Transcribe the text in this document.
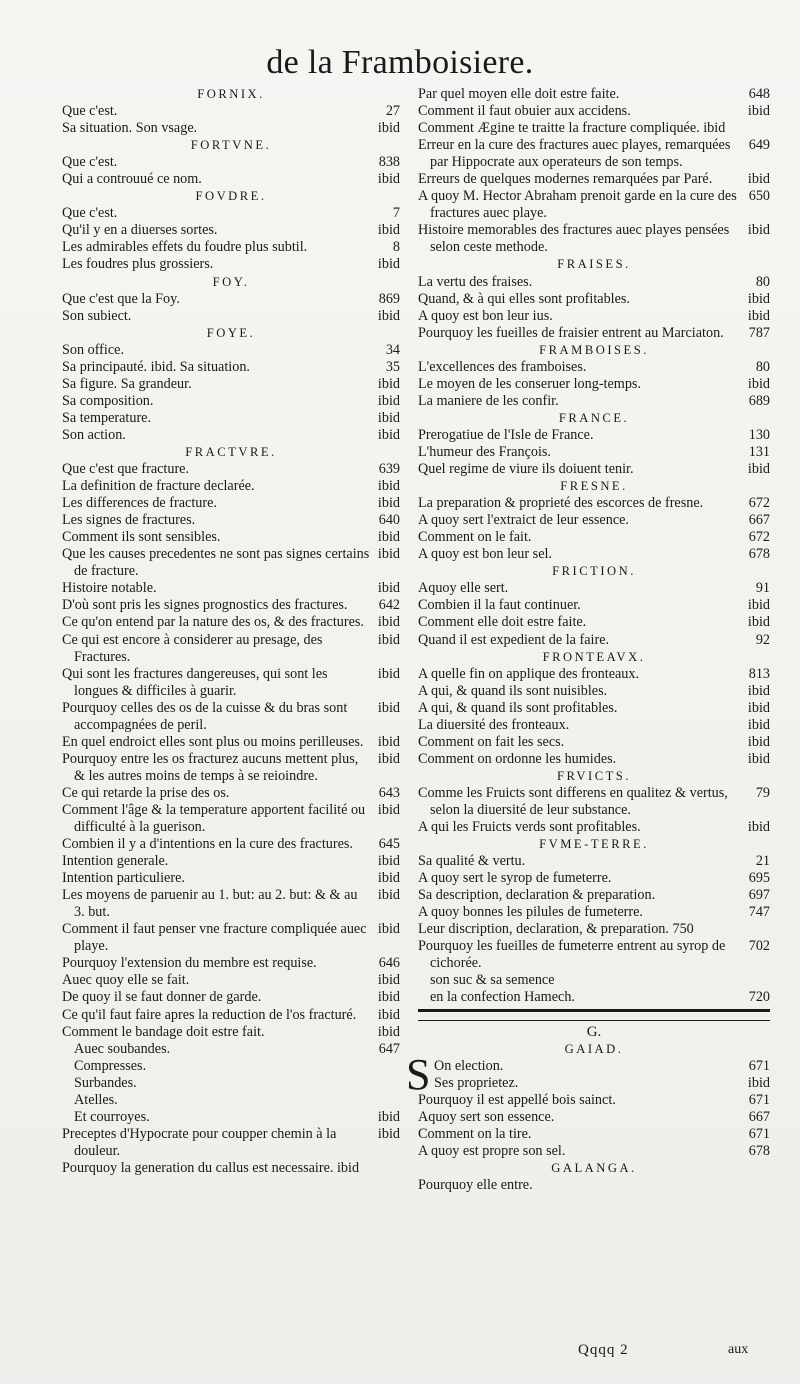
de la Framboisiere.
FORNIX.
27
Que c'est.
ibid
Sa situation. Son vsage.
FORTVNE.
838
Que c'est.
ibid
Qui a controuué ce nom.
FOVDRE.
7
Que c'est.
ibid
Qu'il y en a diuerses sortes.
8
Les admirables effets du foudre plus subtil.
ibid
Les foudres plus grossiers.
FOY.
869
Que c'est que la Foy.
ibid
Son subiect.
FOYE.
34
Son office.
35
Sa principauté. ibid. Sa situation.
ibid
Sa figure. Sa grandeur.
ibid
Sa composition.
ibid
Sa temperature.
ibid
Son action.
FRACTVRE.
639
Que c'est que fracture.
ibid
La definition de fracture declarée.
ibid
Les differences de fracture.
640
Les signes de fractures.
ibid
Comment ils sont sensibles.
ibid
Que les causes precedentes ne sont pas signes certains de fracture.
ibid
Histoire notable.
642
D'où sont pris les signes prognostics des fractures.
ibid
Ce qu'on entend par la nature des os, & des fractures.
ibid
Ce qui est encore à considerer au presage, des Fractures.
ibid
Qui sont les fractures dangereuses, qui sont les longues & difficiles à guarir.
ibid
Pourquoy celles des os de la cuisse & du bras sont accompagnées de peril.
ibid
En quel endroict elles sont plus ou moins perilleuses.
ibid
Pourquoy entre les os fracturez aucuns mettent plus, & les autres moins de temps à se reioindre.
643
Ce qui retarde la prise des os.
ibid
Comment l'âge & la temperature apportent facilité ou difficulté à la guerison.
645
Combien il y a d'intentions en la cure des fractures.
ibid
Intention generale.
ibid
Intention particuliere.
ibid
Les moyens de paruenir au 1. but: au 2. but: & & au 3. but.
ibid
Comment il faut penser vne fracture compliquée auec playe.
646
Pourquoy l'extension du membre est requise.
ibid
Auec quoy elle se fait.
ibid
De quoy il se faut donner de garde.
ibid
Ce qu'il faut faire apres la reduction de l'os fracturé.
ibid
Comment le bandage doit estre fait.
647
Auec soubandes.
Compresses.
Surbandes.
Atelles.
ibid
Et courroyes.
ibid
Preceptes d'Hypocrate pour coupper chemin à la douleur.
Pourquoy la generation du callus est necessaire. ibid
648
Par quel moyen elle doit estre faite.
ibid
Comment il faut obuier aux accidens.
Comment Ægine te traitte la fracture compliquée. ibid
649
Erreur en la cure des fractures auec playes, remarquées par Hippocrate aux operateurs de son temps.
ibid
Erreurs de quelques modernes remarquées par Paré.
650
A quoy M. Hector Abraham prenoit garde en la cure des fractures auec playe.
ibid
Histoire memorables des fractures auec playes pensées selon ceste methode.
FRAISES.
80
La vertu des fraises.
ibid
Quand, & à qui elles sont profitables.
ibid
A quoy est bon leur ius.
787
Pourquoy les fueilles de fraisier entrent au Marciaton.
FRAMBOISES.
80
L'excellences des framboises.
ibid
Le moyen de les conseruer long-temps.
689
La maniere de les confir.
FRANCE.
130
Prerogatiue de l'Isle de France.
131
L'humeur des François.
ibid
Quel regime de viure ils doiuent tenir.
FRESNE.
672
La preparation & proprieté des escorces de fresne.
667
A quoy sert l'extraict de leur essence.
672
Comment on le fait.
678
A quoy est bon leur sel.
FRICTION.
91
Aquoy elle sert.
ibid
Combien il la faut continuer.
ibid
Comment elle doit estre faite.
92
Quand il est expedient de la faire.
FRONTEAVX.
813
A quelle fin on applique des fronteaux.
ibid
A qui, & quand ils sont nuisibles.
ibid
A qui, & quand ils sont profitables.
ibid
La diuersité des fronteaux.
ibid
Comment on fait les secs.
ibid
Comment on ordonne les humides.
FRVICTS.
79
Comme les Fruicts sont differens en qualitez & vertus, selon la diuersité de leur substance.
ibid
A qui les Fruicts verds sont profitables.
FVME-TERRE.
21
Sa qualité & vertu.
695
A quoy sert le syrop de fumeterre.
697
Sa description, declaration & preparation.
747
A quoy bonnes les pilules de fumeterre.
Leur discription, declaration, & preparation. 750
702
Pourquoy les fueilles de fumeterre entrent au syrop de cichorée.
son suc & sa semence
720
en la confection Hamech.
G.
GAIAD.
S	671
On election.
ibid
Ses proprietez.
671
Pourquoy il est appellé bois sainct.
667
Aquoy sert son essence.
671
Comment on la tire.
678
A quoy est propre son sel.
GALANGA.
Pourquoy elle entre.
Qqqq 2	aux
